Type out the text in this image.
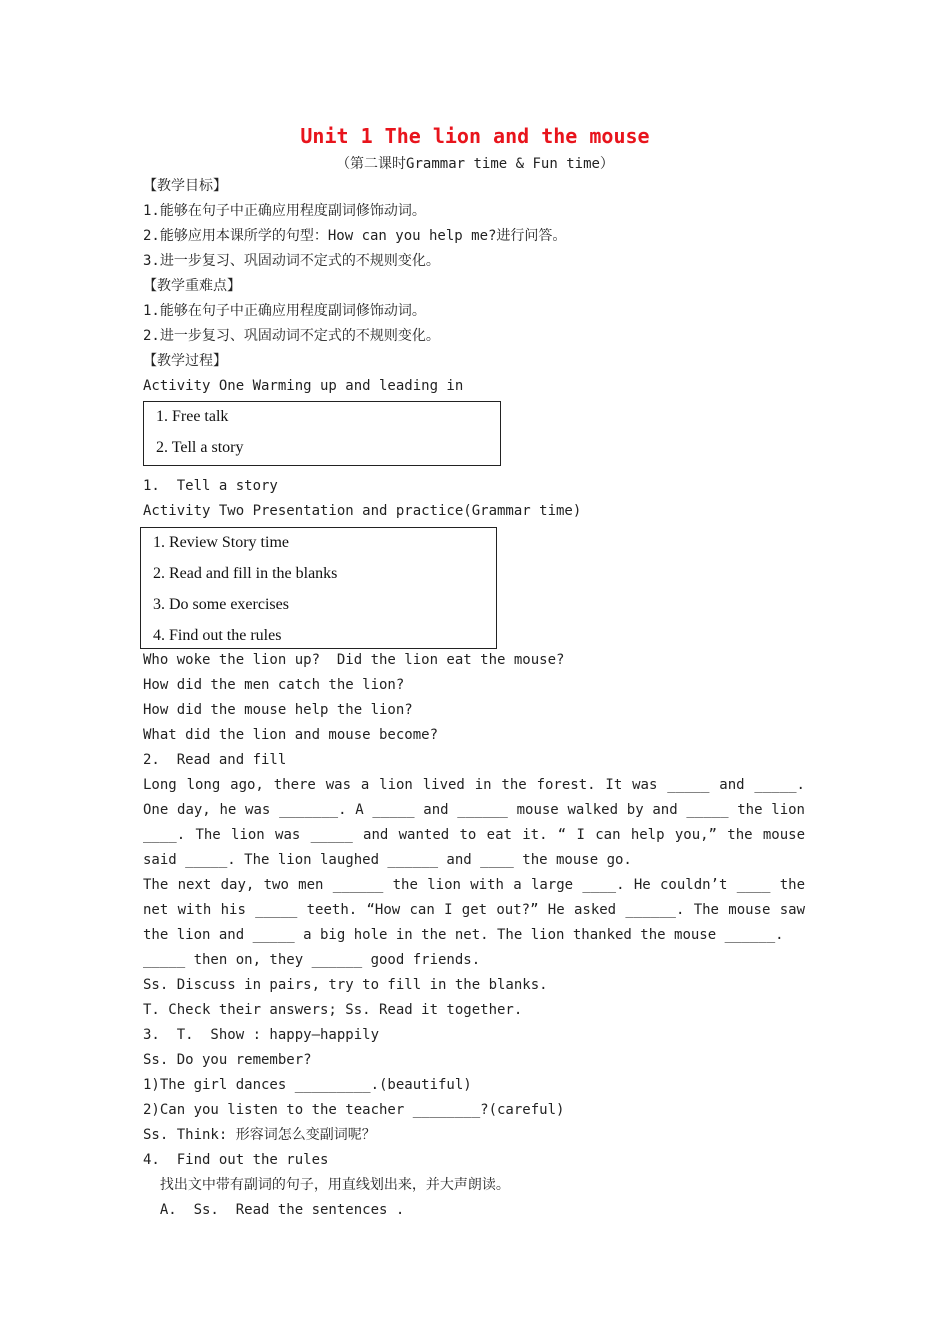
Unit 1 The lion and the mouse
（第二课时Grammar time & Fun time）
【教学目标】
1.能够在句子中正确应用程度副词修饰动词。
2.能够应用本课所学的句型：How can you help me?进行问答。
3.进一步复习、巩固动词不定式的不规则变化。
【教学重难点】
1.能够在句子中正确应用程度副词修饰动词。
2.进一步复习、巩固动词不定式的不规则变化。
【教学过程】
Activity One Warming up and leading in
1. Free talk
2. Tell a story
1.  Tell a story
Activity Two Presentation and practice(Grammar time)
1. Review Story time
2. Read and fill in the blanks
3. Do some exercises
4. Find out the rules
Who woke the lion up?  Did the lion eat the mouse?
How did the men catch the lion?
How did the mouse help the lion?
What did the lion and mouse become?
2.  Read and fill
Long long ago, there was a lion lived in the forest. It was _____ and _____.
One day, he was _______. A _____ and ______ mouse walked by and _____ the lion
____. The lion was _____ and wanted to eat it. “ I can help you,” the mouse
said _____. The lion laughed ______ and ____ the mouse go.
The next day, two men ______ the lion with a large ____. He couldn’t ____ the
net with his _____ teeth. “How can I get out?” He asked ______. The mouse saw
the lion and _____ a big hole in the net. The lion thanked the mouse ______.
_____ then on, they ______ good friends.
Ss. Discuss in pairs, try to fill in the blanks.
T. Check their answers; Ss. Read it together.
3.  T.  Show : happy—happily
Ss. Do you remember?
1)The girl dances _________.(beautiful)
2)Can you listen to the teacher ________?(careful)
Ss. Think: 形容词怎么变副词呢？
4.  Find out the rules
找出文中带有副词的句子，用直线划出来，并大声朗读。
A.  Ss.  Read the sentences .
